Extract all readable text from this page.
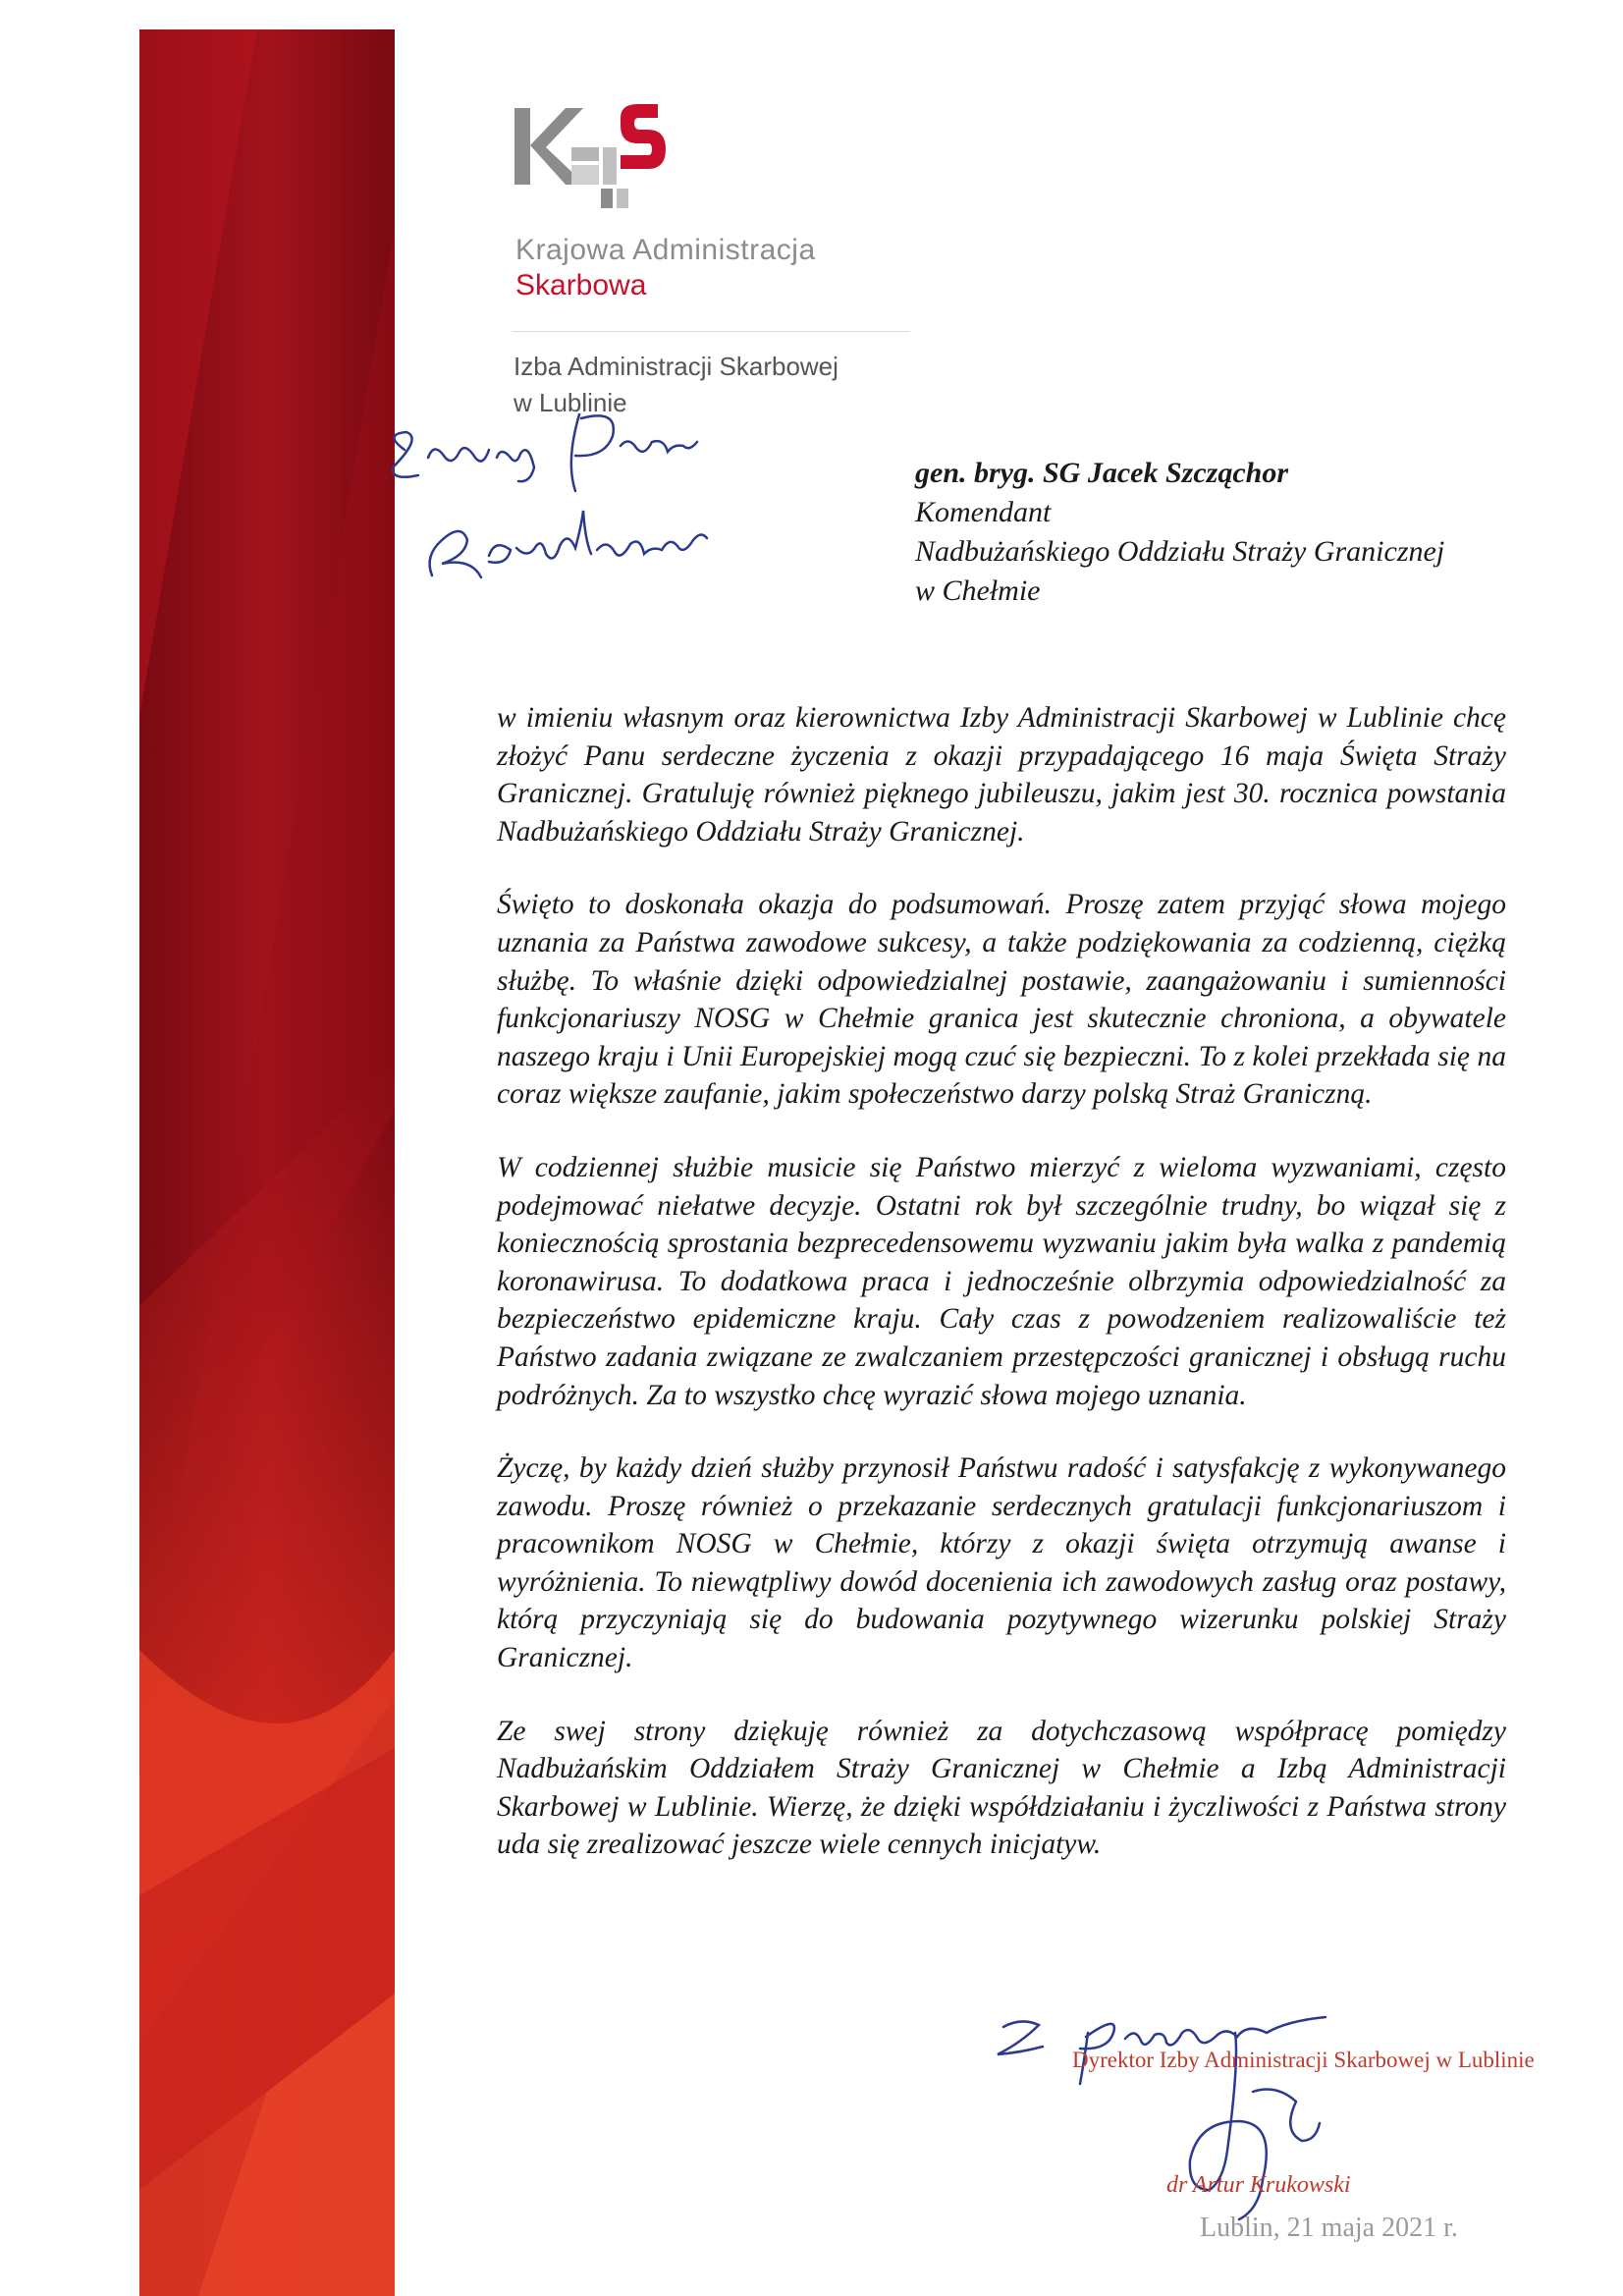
Krajowa Administracja
Skarbowa
Izba Administracji Skarbowej
w Lublinie
gen. bryg. SG Jacek Szcząchor
Komendant
Nadbużańskiego Oddziału Straży Granicznej
w Chełmie

w imieniu własnym oraz kierownictwa Izby Administracji Skarbowej w Lublinie chcę złożyć Panu serdeczne życzenia z okazji przypadającego 16 maja Święta Straży Granicznej. Gratuluję również pięknego jubileuszu, jakim jest 30. rocznica powstania Nadbużańskiego Oddziału Straży Granicznej.

Święto to doskonała okazja do podsumowań. Proszę zatem przyjąć słowa mojego uznania za Państwa zawodowe sukcesy, a także podziękowania za codzienną, ciężką służbę. To właśnie dzięki odpowiedzialnej postawie, zaangażowaniu i sumienności funkcjonariuszy NOSG w Chełmie granica jest skutecznie chroniona, a obywatele naszego kraju i Unii Europejskiej mogą czuć się bezpieczni. To z kolei przekłada się na coraz większe zaufanie, jakim społeczeństwo darzy polską Straż Graniczną.

W codziennej służbie musicie się Państwo mierzyć z wieloma wyzwaniami, często podejmować niełatwe decyzje. Ostatni rok był szczególnie trudny, bo wiązał się z koniecznością sprostania bezprecedensowemu wyzwaniu jakim była walka z pandemią koronawirusa. To dodatkowa praca i jednocześnie olbrzymia odpowiedzialność za bezpieczeństwo epidemiczne kraju. Cały czas z powodzeniem realizowaliście też Państwo zadania związane ze zwalczaniem przestępczości granicznej i obsługą ruchu podróżnych. Za to wszystko chcę wyrazić słowa mojego uznania.

Życzę, by każdy dzień służby przynosił Państwu radość i satysfakcję z wykonywanego zawodu. Proszę również o przekazanie serdecznych gratulacji funkcjonariuszom i pracownikom NOSG w Chełmie, którzy z okazji święta otrzymują awanse i wyróżnienia. To niewątpliwy dowód docenienia ich zawodowych zasług oraz postawy, którą przyczyniają się do budowania pozytywnego wizerunku polskiej Straży Granicznej.

Ze swej strony dziękuję również za dotychczasową współpracę pomiędzy Nadbużańskim Oddziałem Straży Granicznej w Chełmie a Izbą Administracji Skarbowej w Lublinie. Wierzę, że dzięki współdziałaniu i życzliwości z Państwa strony uda się zrealizować jeszcze wiele cennych inicjatyw.

Dyrektor Izby Administracji Skarbowej w Lublinie
dr Artur Krukowski
Lublin, 21 maja 2021 r.
